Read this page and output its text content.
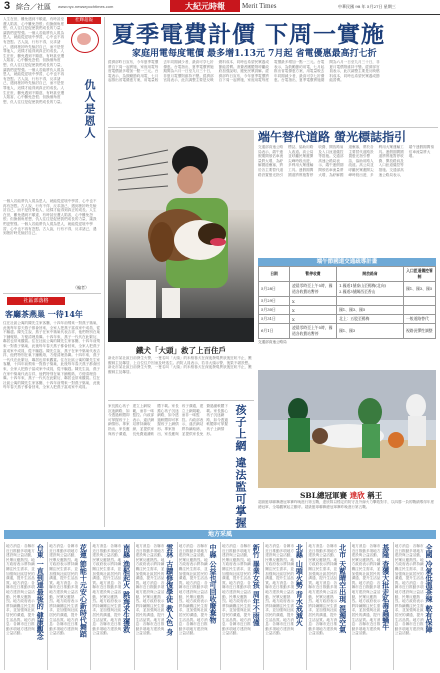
3 綜合／社區 www.nyc.newsepochtimes.com	大紀元時報	Merit Times	中華民國 98 年 5月27日 星期三
社輝超報
人生在世，難免遇到不順遂，有時甚至遭人陷害，心中難免怨恨；但換個角度想，仇人往往是促使我們成長的力量，讓我們更堅強。一個人若能將仇人視為恩人，就能從逆境中學習，心中也不再有怨懟。古人說，行有不得，反求諸己，遇到挫折時先檢討自己，而不是怪罪他人，這樣才能得到真正的成長。人生在世，難免遇到不順遂，有時甚至遭人陷害，心中難免怨恨；但換個角度想，仇人往往是促使我們成長的力量，讓我們更堅強。一個人若能將仇人視為恩人，就能從逆境中學習，心中也不再有怨懟。古人說，行有不得，反求諸己，遇到挫折時先檢討自己，而不是怪罪他人，這樣才能得到真正的成長。人生在世，難免遇到不順遂，有時甚至遭人陷害，心中難免怨恨；但換個角度想，仇人往往是促使我們成長的力量。 仇人是恩人
一個人若能將仇人視為恩人，就能從逆境中學習，心中也不再有怨懟。古人說，行有不得，反求諸己，遇到挫折時先檢討自己，而不是怪罪他人，這樣才能得到真正的成長。人生在世，難免遇到不順遂，有時甚至遭人陷害，心中難免怨恨；但換個角度想，仇人往往是促使我們成長的力量，讓我們更堅強。一個人若能將仇人視為恩人，就能從逆境中學習，心中也不再有怨懟。古人說，行有不得，反求諸己，遇到挫折時先檢討自己。
（編者）
社區部落格
客廳茶燕巢 一待14年
住在社區公寓的陳先生家客廳，十四年前飛來一對燕子築巢，此後每年春天燕子都會回來，全家人把燕子當成家中成員，從不驅趕。陳先生說，燕子在家中築巢代表吉祥，他們特別在巢下鋪報紙，方便清理鳥糞。十四年來，燕子一代代在此繁衍，鄰居也常來觀賞。住在社區公寓的陳先生家客廳，十四年前飛來一對燕子築巢，此後每年春天燕子都會回來，全家人把燕子當成家中成員，從不驅趕。陳先生說，燕子在家中築巢代表吉祥，他們特別在巢下鋪報紙，方便清理鳥糞。十四年來，燕子一代代在此繁衍，鄰居也常來觀賞。住在社區公寓的陳先生家客廳，十四年前飛來一對燕子築巢，此後每年春天燕子都會回來，全家人把燕子當成家中成員，從不驅趕。陳先生說，燕子在家中築巢代表吉祥，他們特別在巢下鋪報紙，方便清理鳥糞。十四年來，燕子一代代在此繁衍，鄰居也常來觀賞。住在社區公寓的陳先生家客廳，十四年前飛來一對燕子築巢，此後每年春天燕子都會回來，全家人把燕子當成家中成員。
夏季電費計價 下周一實施
家庭用電每度電價 最多增1.13元 7月起 省電優惠最高打七折
經濟部昨日宣布，今年夏季電價將自下周一起實施，家庭用電每度電價最多增加一點一三元。台電表示，為鼓勵節約用電，七月起推出省電優惠方案，用電量較去年同期減少者，最高可享七折優惠。台電指出，夏季電價實施期間為六月一日至九月三十日，非夏月電價則維持不變。經濟部官員表示，此次調整主要是反映燃料成本，同時也希望民眾養成節能習慣。消費者團體則呼籲政府加強說明，避免民眾誤解。經濟部昨日宣布，今年夏季電價將自下周一起實施，家庭用電每度電價最多增加一點一三元。台電表示，為鼓勵節約用電，七月起推出省電優惠方案，用電量較去年同期減少者，最高可享七折優惠。台電指出，夏季電價實施期間為六月一日至九月三十日，非夏月電價則維持不變。經濟部官員表示，此次調整主要是反映燃料成本，同時也希望民眾養成節能習慣。
鐵犬「大頭」救了上百住戶
新北市某社區日前發生火警，一隻名叫「大頭」的米格魯犬在深夜發現異狀後狂吠不止，驚醒飼主及鄰居，上百位住戶因而及時逃生。消防人員表示，若非大頭示警，後果不堪設想。新北市某社區日前發生火警，一隻名叫「大頭」的米格魯犬在深夜發現異狀後狂吠不止，驚醒飼主及鄰居。
家長擔心孩子沉迷網路，如今透過軟體即可掌握孩子上網情形。專家指出，家長應與孩子溝通，建立上網規範，而非一味監控。內政部表示，違法網站將持續取締，並提供家長免費過濾軟體下載。家長擔心孩子沉迷網路，如今透過軟體即可掌握孩子上網情形。專家指出，家長應與孩子溝通，建立上網規範，而非一味監控。內政部表示，違法網站將持續取締，並提供家長免費過濾軟體下載。家長擔心孩子沉迷網路，如今透過軟體即可掌握孩子上網情形。	孩子上網 違法監可掌握
端午替代道路 螢光標誌指引
交通部高速公路局表示，端午連假期間預估車流量將大增，為紓解國道壅塞，將於各主要替代道路設置螢光指引標誌，協助用路人改道。高公局並呼籲民眾避開尖峰時段出遊，多利用大眾運輸工具。連假期間國道將實施暫停收費、開放路肩及入口匝道儀控等措施。交通部高速公路局表示，端午連假期間預估車流量將大增，為紓解國道壅塞，將於各主要替代道路設置螢光指引標誌，協助用路人改道。高公局並呼籲民眾避開尖峰時段出遊，多利用大眾運輸工具。連假期間國道將實施暫停收費、開放路肩及入口匝道儀控等措施。交通部高速公路局表示，端午連假期間預估車流量將大增。
端午節國道交通疏導計畫
日期	暫停收費	開放路肩	入口匝道儀控管制
5月28日	凌晨零時至上午5時，國道各收費站暫停	1.國道1號泰山至楊梅(北向)
2.國道3號關西至香山	國1、國3、國5
5月29日	X		
5月30日	X	國1、國3、國5	
5月31日	X	北上：五股至楊梅	一般道路替代
6月1日	凌晨零時至上午5時，國道各收費站暫停	國1、國3	視路況彈性調整
交通部高速公路局
SBL總冠軍賽 達欣 稱王
超級籃球聯賽總冠軍賽昨晚進行第五戰，達欣隊以穩定的防守及外線火力擊敗對手，以四勝一負的戰績奪得年度總冠軍，全場觀眾起立歡呼。超級籃球聯賽總冠軍賽昨晚進行第五戰。
地方采風
全國 冷氣低溫茶辣 較有保障
地方消息：各縣市近日推動多項地方建設與公益活動，民眾反應熱烈。地方政府表示將持續關注民生需求，並加強與社區居民的溝通，提升生活品質。地方消息：各縣市近日推動多項地方建設與公益活動，民眾反應熱烈。地方政府表示將持續關注民生需求，並加強與社區居民的溝通，提升生活品質。地方消息：各縣市近日推動多項地方建設與公益活動。
基隆 查獲大批走私毒蟲蝸牛
地方消息：各縣市近日推動多項地方建設與公益活動，民眾反應熱烈。地方政府表示將持續關注民生需求，並加強與社區居民的溝通，提升生活品質。地方消息：各縣市近日推動多項地方建設與公益活動，民眾反應熱烈。地方政府表示將持續關注民生需求，並加強與社區居民的溝通，提升生活品質。地方消息：各縣市近日推動多項地方建設與公益活動。
北市 天藍晴空出現 混濁空氣
地方消息：各縣市近日推動多項地方建設與公益活動，民眾反應熱烈。地方政府表示將持續關注民生需求，並加強與社區居民的溝通，提升生活品質。地方消息：各縣市近日推動多項地方建設與公益活動，民眾反應熱烈。地方政府表示將持續關注民生需求，並加強與社區居民的溝通，提升生活品質。地方消息：各縣市近日推動多項地方建設與公益活動。
北縣 山頭火勢 背水戒減火
地方消息：各縣市近日推動多項地方建設與公益活動，民眾反應熱烈。地方政府表示將持續關注民生需求，並加強與社區居民的溝通，提升生活品質。地方消息：各縣市近日推動多項地方建設與公益活動，民眾反應熱烈。地方政府表示將持續關注民生需求，並加強與社區居民的溝通，提升生活品質。地方消息：各縣市近日推動多項地方建設與公益活動。
新竹 畢業女孩 周年不雨僅
地方消息：各縣市近日推動多項地方建設與公益活動，民眾反應熱烈。地方政府表示將持續關注民生需求，並加強與社區居民的溝通，提升生活品質。地方消息：各縣市近日推動多項地方建設與公益活動，民眾反應熱烈。地方政府表示將持續關注民生需求，並加強與社區居民的溝通，提升生活品質。地方消息：各縣市近日推動多項地方建設與公益活動。
中縣 公益也可回收廢棄物
地方消息：各縣市近日推動多項地方建設與公益活動，民眾反應熱烈。地方政府表示將持續關注民生需求，並加強與社區居民的溝通，提升生活品質。地方消息：各縣市近日推動多項地方建設與公益活動，民眾反應熱烈。地方政府表示將持續關注民生需求，並加強與社區居民的溝通，提升生活品質。地方消息：各縣市近日推動多項地方建設與公益活動。
雲林 古蹟修復學徒 教人色 身
地方消息：各縣市近日推動多項地方建設與公益活動，民眾反應熱烈。地方政府表示將持續關注民生需求，並加強與社區居民的溝通，提升生活品質。地方消息：各縣市近日推動多項地方建設與公益活動，民眾反應熱烈。地方政府表示將持續關注民生需求，並加強與社區居民的溝通，提升生活品質。地方消息：各縣市近日推動多項地方建設與公益活動。
南縣 漁船起火 跳海求生獲救
地方消息：各縣市近日推動多項地方建設與公益活動，民眾反應熱烈。地方政府表示將持續關注民生需求，並加強與社區居民的溝通，提升生活品質。地方消息：各縣市近日推動多項地方建設與公益活動，民眾反應熱烈。地方政府表示將持續關注民生需求，並加強與社區居民的溝通，提升生活品質。地方消息：各縣市近日推動多項地方建設與公益活動。
花蓮 節能十元安心新時代舞蹈
地方消息：各縣市近日推動多項地方建設與公益活動，民眾反應熱烈。地方政府表示將持續關注民生需求，並加強與社區居民的溝通，提升生活品質。地方消息：各縣市近日推動多項地方建設與公益活動，民眾反應熱烈。地方政府表示將持續關注民生需求，並加強與社區居民的溝通，提升生活品質。地方消息：各縣市近日推動多項地方建設與公益活動。
台東 一直到達最後的 健康觀念
地方消息：各縣市近日推動多項地方建設與公益活動，民眾反應熱烈。地方政府表示將持續關注民生需求，並加強與社區居民的溝通，提升生活品質。地方消息：各縣市近日推動多項地方建設與公益活動，民眾反應熱烈。地方政府表示將持續關注民生需求，並加強與社區居民的溝通，提升生活品質。地方消息：各縣市近日推動多項地方建設與公益活動。
